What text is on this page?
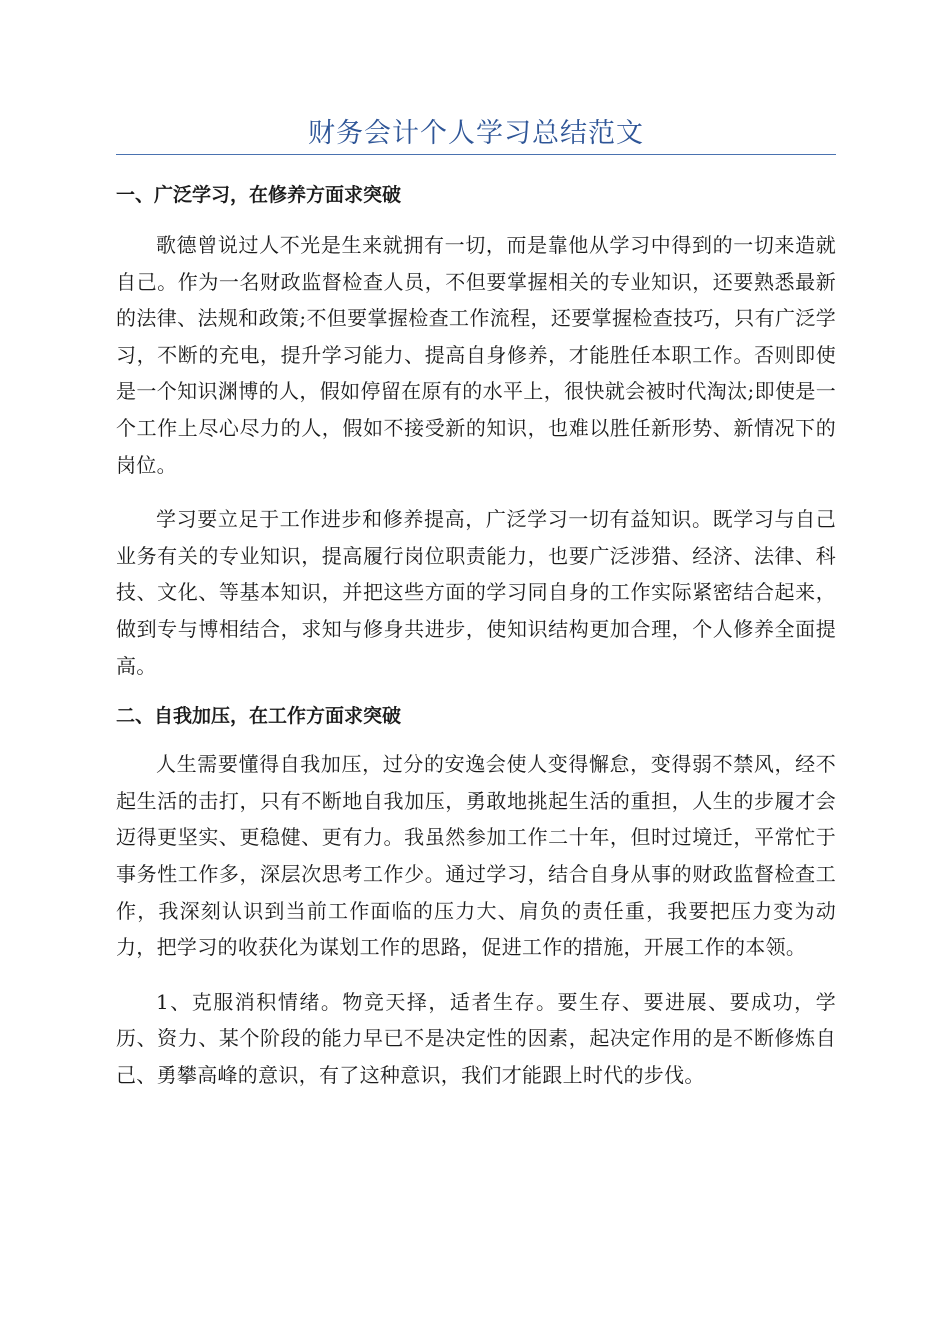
财务会计个人学习总结范文
一、广泛学习，在修养方面求突破

歌德曾说过人不光是生来就拥有一切，而是靠他从学习中得到的一切来造就自己。作为一名财政监督检查人员，不但要掌握相关的专业知识，还要熟悉最新的法律、法规和政策;不但要掌握检查工作流程，还要掌握检查技巧，只有广泛学习，不断的充电，提升学习能力、提高自身修养，才能胜任本职工作。否则即使是一个知识渊博的人，假如停留在原有的水平上，很快就会被时代淘汰;即使是一个工作上尽心尽力的人，假如不接受新的知识，也难以胜任新形势、新情况下的岗位。

学习要立足于工作进步和修养提高，广泛学习一切有益知识。既学习与自己业务有关的专业知识，提高履行岗位职责能力，也要广泛涉猎、经济、法律、科技、文化、等基本知识，并把这些方面的学习同自身的工作实际紧密结合起来，做到专与博相结合，求知与修身共进步，使知识结构更加合理，个人修养全面提高。

二、自我加压，在工作方面求突破

人生需要懂得自我加压，过分的安逸会使人变得懈怠，变得弱不禁风，经不起生活的击打，只有不断地自我加压，勇敢地挑起生活的重担，人生的步履才会迈得更坚实、更稳健、更有力。我虽然参加工作二十年，但时过境迁，平常忙于事务性工作多，深层次思考工作少。通过学习，结合自身从事的财政监督检查工作，我深刻认识到当前工作面临的压力大、肩负的责任重，我要把压力变为动力，把学习的收获化为谋划工作的思路，促进工作的措施，开展工作的本领。

1、克服消积情绪。物竞天择，适者生存。要生存、要进展、要成功，学历、资力、某个阶段的能力早已不是决定性的因素，起决定作用的是不断修炼自己、勇攀高峰的意识，有了这种意识，我们才能跟上时代的步伐。
